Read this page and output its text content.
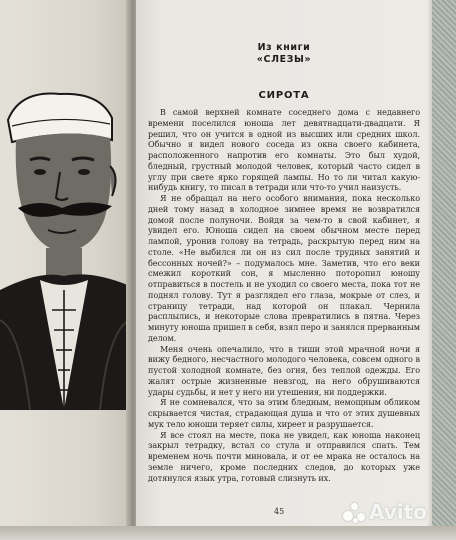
Из книги
«СЛЕЗЫ»
СИРОТА

В самой верхней комнате соседнего дома с недавнего времени поселился юноша лет девятнадцати-двадцати. Я решил, что он учится в одной из высших или средних школ. Обычно я видел нового соседа из окна своего кабинета, расположенного напротив его комнаты. Это был худой, бледный, грустный молодой человек, который часто сидел в углу при свете ярко горящей лампы. Но то ли читал какую-нибудь книгу, то писал в тетради или что-то учил наизусть.

Я не обращал на него особого внимания, пока несколько дней тому назад в холодное зимнее время не возвратился домой после полуночи. Войдя за чем-то в свой кабинет, я увидел его. Юноша сидел на своем обычном месте перед лампой, уронив голову на тетрадь, раскрытую перед ним на столе. «Не выбился ли он из сил после трудных занятий и бессонных ночей?» – подумалось мне. Заметив, что его веки смежил короткий сон, я мысленно поторопил юношу отправиться в постель и не уходил со своего места, пока тот не поднял голову. Тут я разглядел его глаза, мокрые от слез, и страницу тетради, над которой он плакал. Чернила расплылись, и некоторые слова превратились в пятна. Через минуту юноша пришел в себя, взял перо и занялся прерванным делом.

Меня очень опечалило, что в тиши этой мрачной ночи я вижу бедного, несчастного молодого человека, совсем одного в пустой холодной комнате, без огня, без теплой одежды. Его жалят острые жизненные невзгод, на него обрушиваются удары судьбы, и нет у него ни утешения, ни поддержки.

Я не сомневался, что за этим бледным, немощным обликом скрывается чистая, страдающая душа и что от этих душевных мук тело юноши теряет силы, хиреет и разрушается.

Я все стоял на месте, пока не увидел, как юноша наконец закрыл тетрадку, встал со стула и отправился спать. Тем временем ночь почти миновала, и от ее мрака не осталось на земле ничего, кроме последних следов, до которых уже дотянулся язык утра, готовый слизнуть их.

45	Avito
